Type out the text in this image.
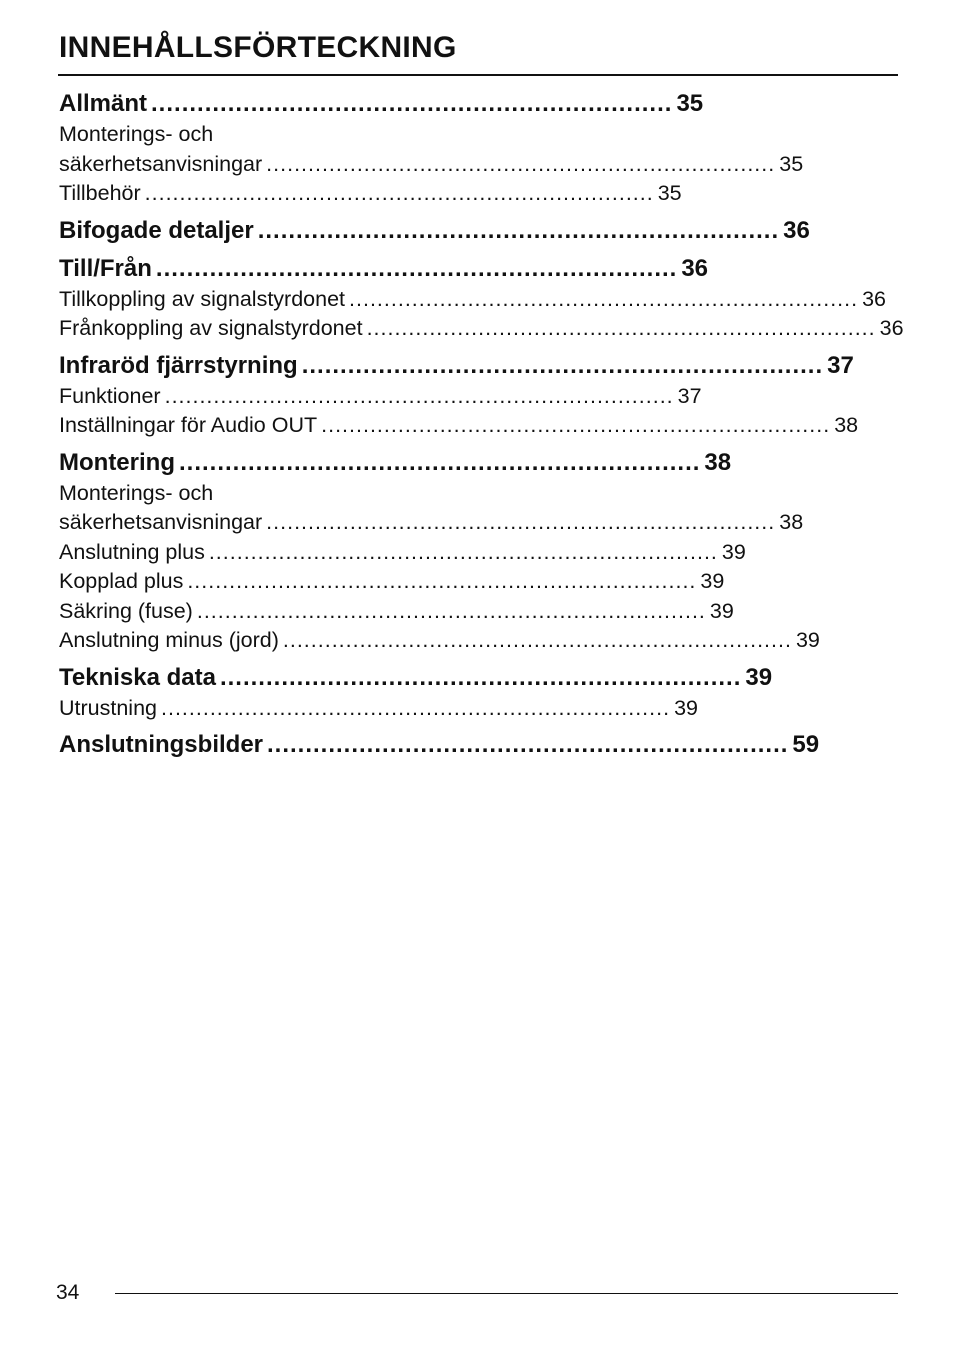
INNEHÅLLSFÖRTECKNING
Allmänt .................................................................... 35
Monterings- och
säkerhetsanvisningar ......................................................................... 35
Tillbehör ......................................................................... 35
Bifogade detaljer .................................................................... 36
Till/Från .................................................................... 36
Tillkoppling av signalstyrdonet ......................................................................... 36
Frånkoppling av signalstyrdonet ......................................................................... 36
Infraröd fjärrstyrning .................................................................... 37
Funktioner ......................................................................... 37
Inställningar för Audio OUT ......................................................................... 38
Montering .................................................................... 38
Monterings- och
säkerhetsanvisningar ......................................................................... 38
Anslutning plus ......................................................................... 39
Kopplad plus ......................................................................... 39
Säkring (fuse) ......................................................................... 39
Anslutning minus (jord) ......................................................................... 39
Tekniska data .................................................................... 39
Utrustning ......................................................................... 39
Anslutningsbilder .................................................................... 59
34
